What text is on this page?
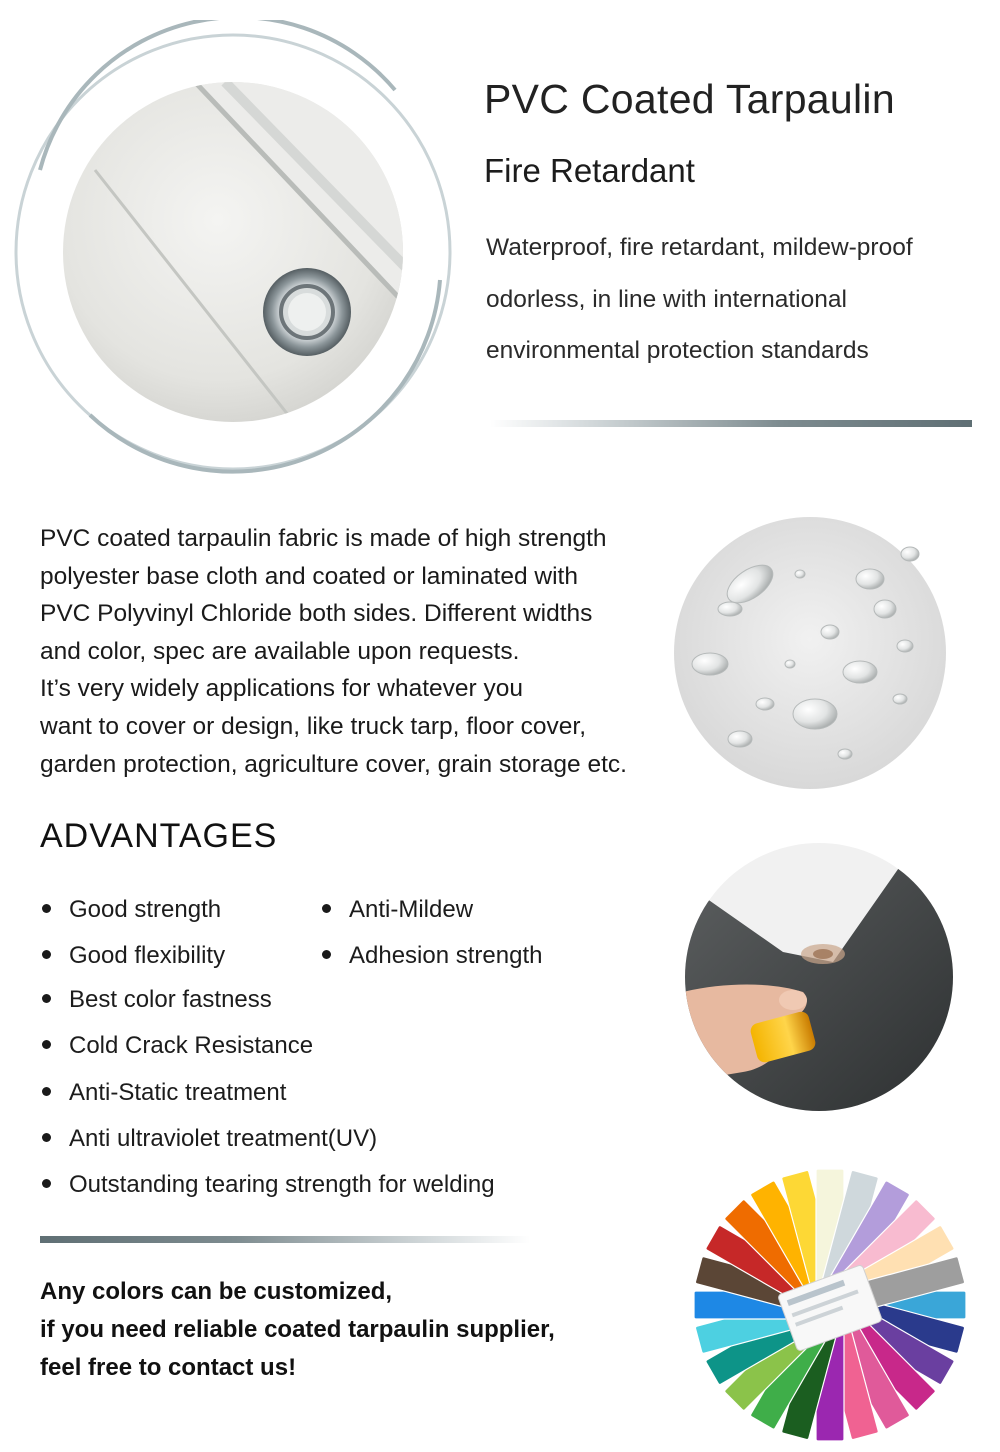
PVC Coated Tarpaulin
Fire Retardant
Waterproof, fire retardant, mildew-proof
odorless, in line with international
environmental protection standards
PVC coated tarpaulin fabric is made of high strength
polyester base cloth and coated or laminated with
PVC Polyvinyl Chloride both sides. Different widths
and color, spec are available upon requests.
It’s very widely applications for whatever you
want to cover or design, like truck tarp, floor cover,
garden protection, agriculture cover, grain storage etc.
ADVANTAGES
Good strength	Anti-Mildew
Good flexibility	Adhesion strength
Best color fastness
Cold Crack Resistance
Anti-Static treatment
Anti ultraviolet treatment(UV)
Outstanding tearing strength for welding
Any colors can be customized,
if you need reliable coated tarpaulin supplier,
feel free to contact us!
